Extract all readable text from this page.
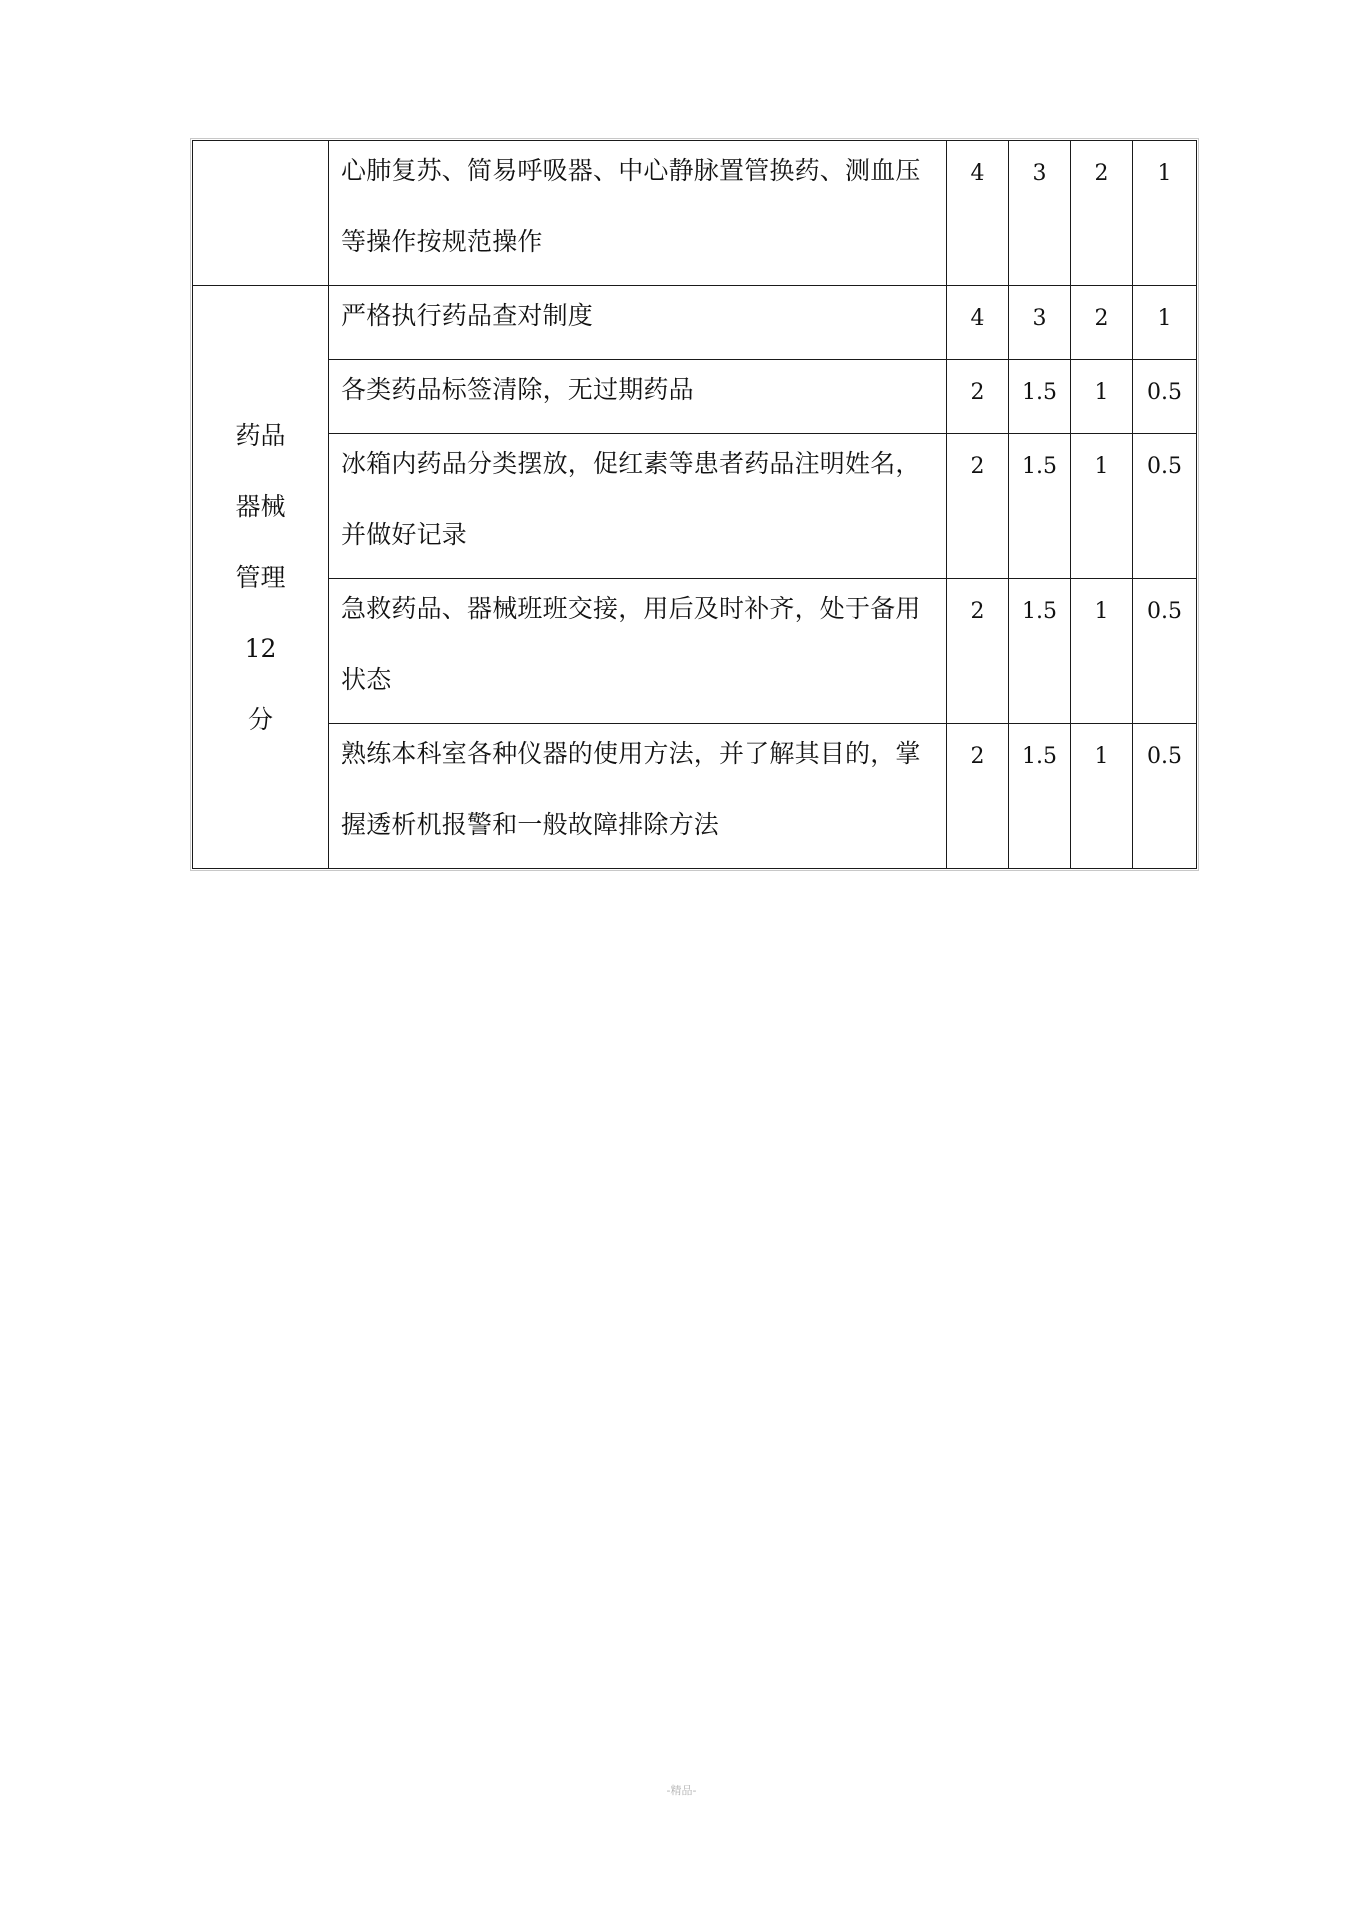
	心肺复苏、简易呼吸器、中心静脉置管换药、测血压等操作按规范操作	4	3	2	1

药品器械管理 12 分	严格执行药品查对制度	4	3	2	1

	各类药品标签清除，无过期药品	2	1.5	1	0.5

	冰箱内药品分类摆放，促红素等患者药品注明姓名，并做好记录	2	1.5	1	0.5

	急救药品、器械班班交接，用后及时补齐，处于备用状态	2	1.5	1	0.5

	熟练本科室各种仪器的使用方法，并了解其目的，掌握透析机报警和一般故障排除方法	2	1.5	1	0.5
-精品-
